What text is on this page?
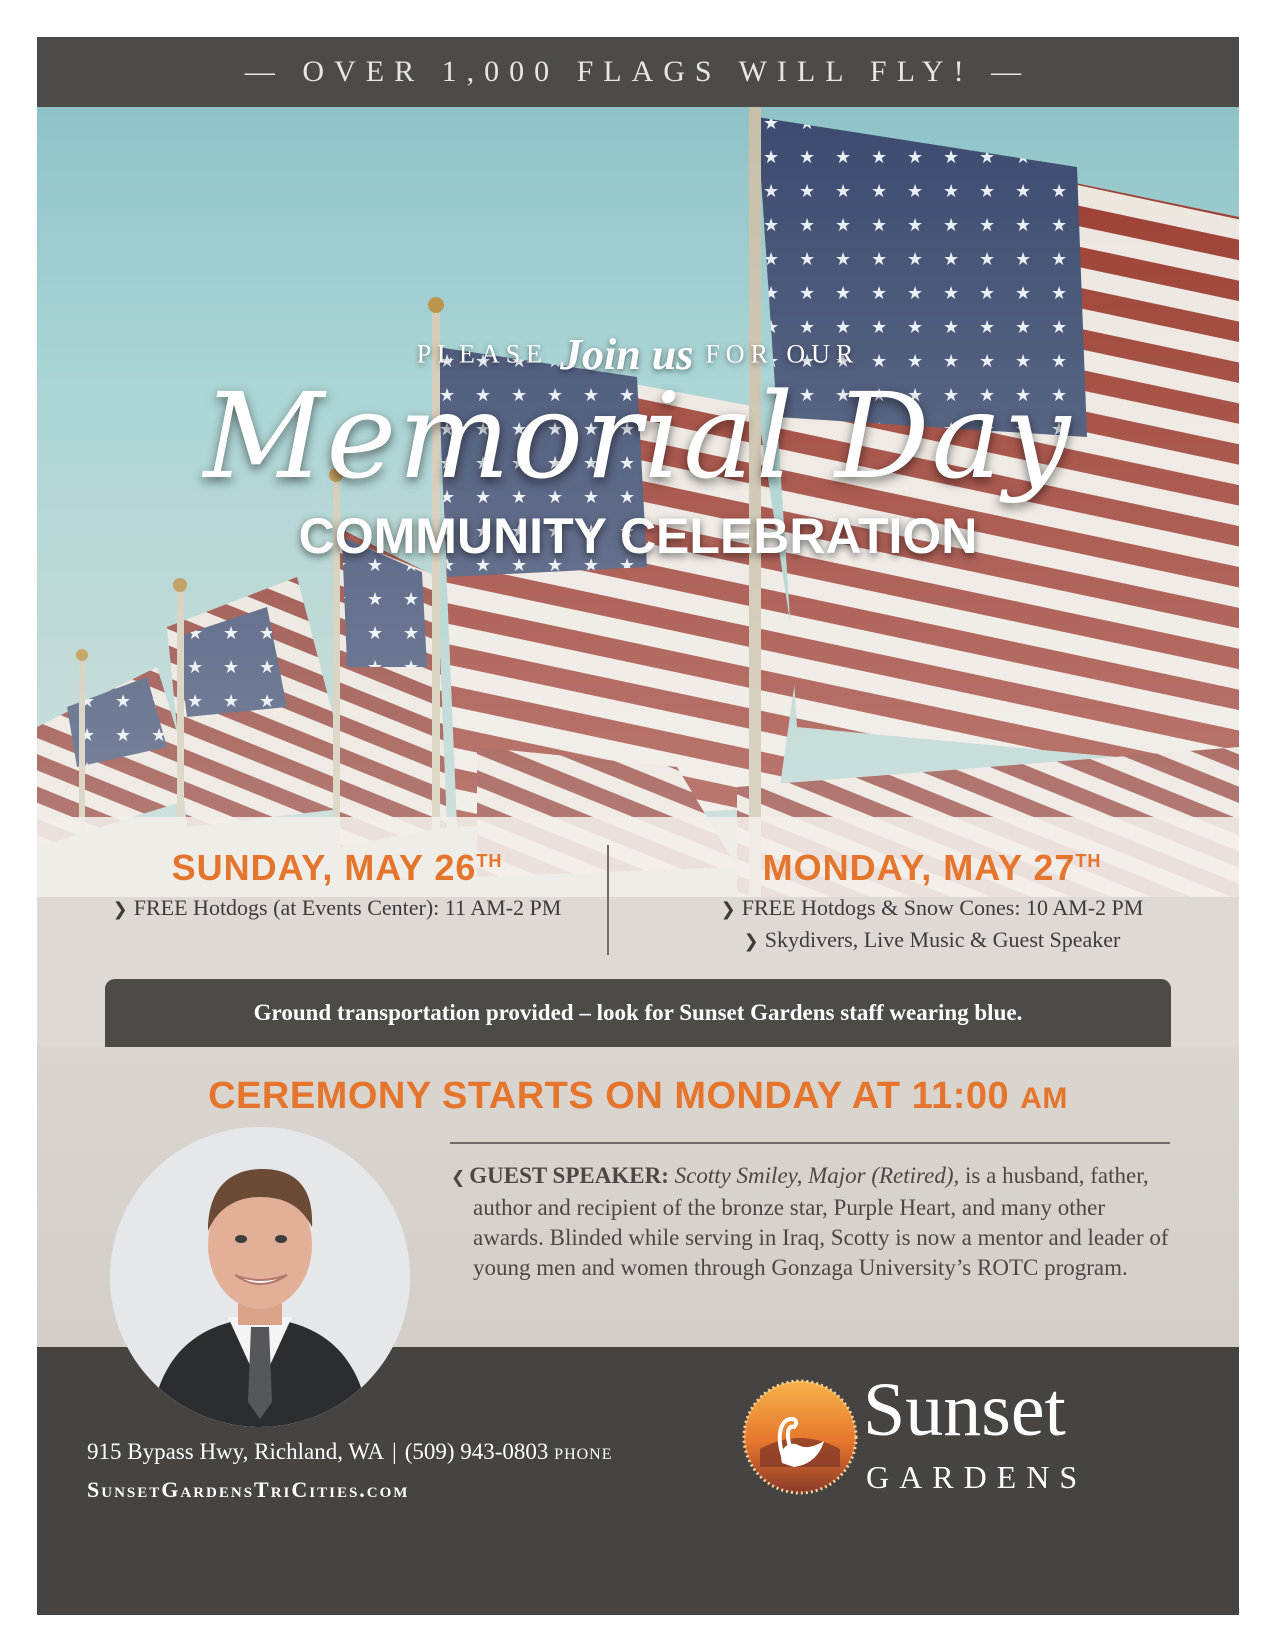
— OVER 1,000 FLAGS WILL FLY! —
PLEASE Join us FOR OUR
Memorial Day
COMMUNITY CELEBRATION
SUNDAY, MAY 26TH
❯ FREE Hotdogs (at Events Center): 11 AM-2 PM
MONDAY, MAY 27TH
❯ FREE Hotdogs & Snow Cones: 10 AM-2 PM
❯ Skydivers, Live Music & Guest Speaker
Ground transportation provided – look for Sunset Gardens staff wearing blue.
CEREMONY STARTS ON MONDAY AT 11:00 AM
❮ GUEST SPEAKER: Scotty Smiley, Major (Retired), is a husband, father, author and recipient of the bronze star, Purple Heart, and many other awards. Blinded while serving in Iraq, Scotty is now a mentor and leader of young men and women through Gonzaga University’s ROTC program.
915 Bypass Hwy, Richland, WA | (509) 943-0803 PHONE
SunsetGardensTriCities.com
Sunset
GARDENS
